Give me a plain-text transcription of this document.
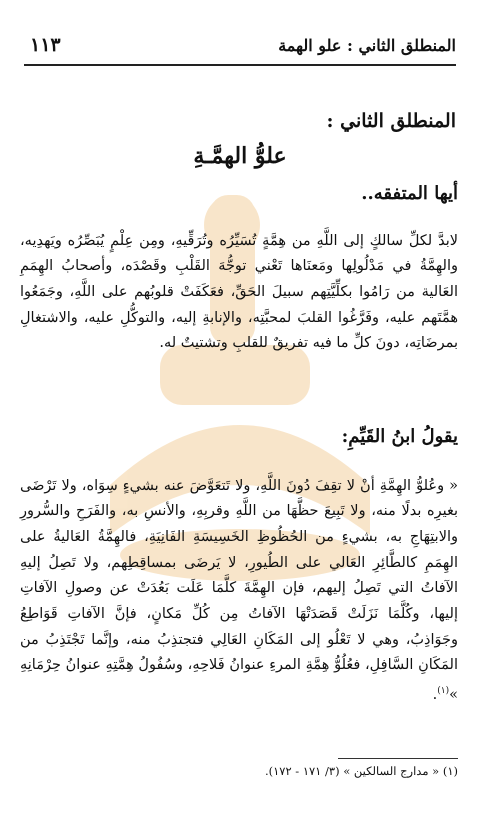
المنطلق الثاني : علو الهمة
١١٣
المنطلق الثاني :
علوُّ الهمَّـةِ
أيها المتفقه..

لابدَّ لكلِّ سالكٍ إلى اللَّهِ من هِمَّةٍ تُسَيِّرُه وتُرَقِّيهِ، ومِن عِلْمٍ يُبَصِّرُه ويَهدِيه، والهِمَّةُ في مَدْلُولِها ومَعنَاها تَعْني توجُّهَ القَلْبِ وقَصْدَه، وأصحابُ الهِمَمِ العَالية من رَامُوا بكلِّيَّتِهم سبيلَ الحَقِّ، فعَكَفَتْ قلوبُهم على اللَّهِ، وجَمَعُوا همَّتَهم عليه، وفَرَّغُوا القلبَ لمحبَّتِه، والإنابةِ إليه، والتوكُّلِ عليه، والاشتغالِ بمرضَاتِه، دونَ كلِّ ما فيه تفريقٌ للقلبِ وتشتيتٌ له.

يقولُ ابنُ القَيِّمِ:

« وعُلوُّ الهِمَّةِ أنْ لا تقِفَ دُونَ اللَّهِ، ولا تَتعَوَّضَ عنه بشيءٍ سِوَاه، ولا تَرْضَى بغيرِه بدلًا منه، ولا تَبِيعَ حظَّهَا من اللَّهِ وقربِهِ، والأنسِ به، والفَرَحِ والسُّرورِ والابتِهَاجِ به، بشيءٍ من الحُظُوظِ الخَسِيسَةِ الفَانِيَةِ، فالهِمَّةُ العَاليةُ على الهِمَمِ كالطَّائِرِ العَالي على الطُيورِ، لا يَرضَى بمساقِطِهم، ولا تَصِلُ إليهِ الآفاتُ التي تَصِلُ إليهم، فإن الهِمَّةَ كلَّمَا عَلَت بَعُدَتْ عن وصولِ الآفاتِ إليها، وكُلَّمَا نَزَلَتْ قَصَدَتْهَا الآفاتُ مِن كُلِّ مَكانٍ، فإنَّ الآفاتِ قَوَاطِعُ وجَوَاذِبُ، وهي لا تَعْلُو إلى المَكَانِ العَالِي فتجتذِبُ منه، وإنَّما تَجْتَذِبُ من المَكَانِ السَّافِلِ، فعُلُوُّ هِمَّةِ المرءِ عنوانُ فَلاحِهِ، وسُفُولُ هِمَّتِهِ عنوانُ حِرْمَانِهِ »$^{(١)}$.

(١) « مدارج السالكين » (٣/ ١٧١ - ١٧٢).
